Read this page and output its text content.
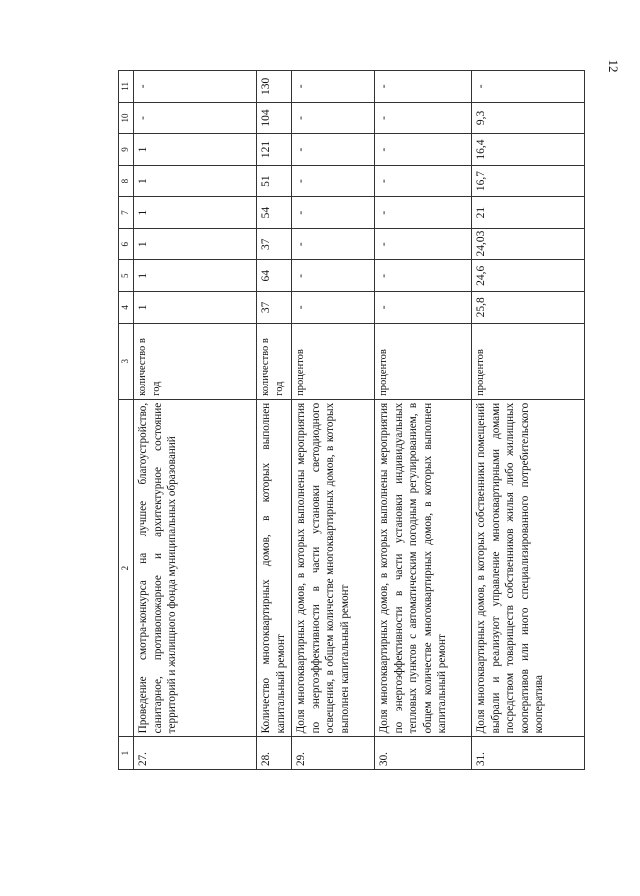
12
1	2	3	4	5	6	7	8	9	10	11
27.	Проведение смотра-конкурса на лучшее благоустройство, санитарное, противопожарное и архитектурное состояние территорий и жилищного фонда муниципальных образований	количество в год	1	1	1	1	1	1	-	-
28.	Количество многоквартирных домов, в которых выполнен капитальный ремонт	количество в год	37	64	37	54	51	121	104	130
29.	Доля многоквартирных домов, в которых выполнены мероприятия по энергоэффективности в части установки светодиодного освещения, в общем количестве многоквартирных домов, в которых выполнен капитальный ремонт	процентов	-	-	-	-	-	-	-	-
30.	Доля многоквартирных домов, в которых выполнены мероприятия по энергоэффективности в части установки индивидуальных тепловых пунктов с автоматическим погодным регулированием, в общем количестве многоквартирных домов, в которых выполнен капитальный ремонт	процентов	-	-	-	-	-	-	-	-
31.	Доля многоквартирных домов, в которых собственники помещений выбрали и реализуют управление многоквартирными домами посредством товариществ собственников жилья либо жилищных кооперативов или иного специализированного потребительского кооператива	процентов	25,8	24,6	24,03	21	16,7	16,4	9,3	-
